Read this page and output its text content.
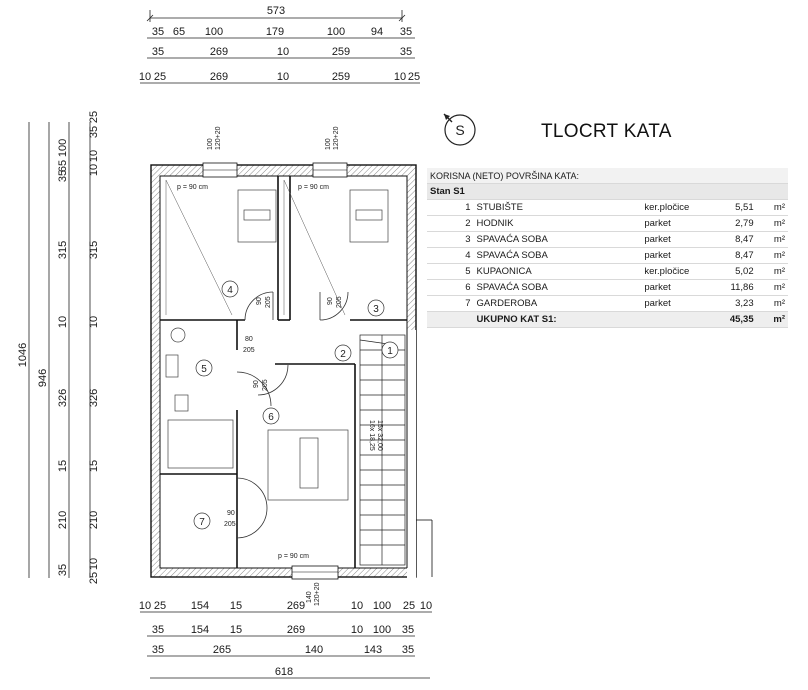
573
35 65 100	179	100 94 35
35	269	10	259	35
10 25	269	10	259	10 25
1046
946
100
65
35
315
10
326
15
210
35
35
25
10
10
315
10
326
15
210
10
25
100 120+20	100 120+20
140 120+20
p = 90 cm	p = 90 cm
p = 90 cm
90 205	90 205
80
205
90 205
90
205
16x 18,25 15x 32,00
1
2
3
4
5
6
7
10 25 154 15	269	10 100 25 10
35 154 15	269	10 100 35
35	265	140	143 35
618
S	TLOCRT KATA
KORISNA (NETO) POVRŠINA KATA:				
Stan S1				
1	STUBIŠTE	ker.pločice	5,51	m²
2	HODNIK	parket	2,79	m²
3	SPAVAĆA SOBA	parket	8,47	m²
4	SPAVAĆA SOBA	parket	8,47	m²
5	KUPAONICA	ker.pločice	5,02	m²
6	SPAVAĆA SOBA	parket	11,86	m²
7	GARDEROBA	parket	3,23	m²
	UKUPNO KAT S1:		45,35	m²
